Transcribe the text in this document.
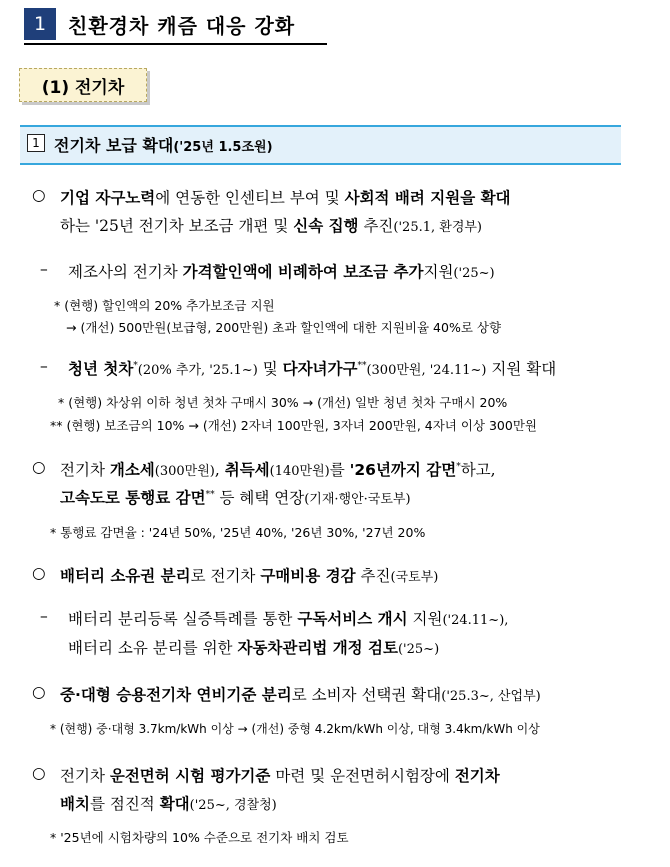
1	친환경차 캐즘 대응 강화
(1) 전기차
1 전기차 보급 확대('25년 1.5조원)
○ 기업 자구노력에 연동한 인센티브 부여 및 사회적 배려 지원을 확대
하는 '25년 전기차 보조금 개편 및 신속 집행 추진('25.1, 환경부)
– 제조사의 전기차 가격할인액에 비례하여 보조금 추가지원('25~)
* (현행) 할인액의 20% 추가보조금 지원
→ (개선) 500만원(보급형, 200만원) 초과 할인액에 대한 지원비율 40%로 상향
– 청년 첫차*(20% 추가, '25.1~) 및 다자녀가구**(300만원, '24.11~) 지원 확대
* (현행) 차상위 이하 청년 첫차 구매시 30% → (개선) 일반 청년 첫차 구매시 20%
** (현행) 보조금의 10% → (개선) 2자녀 100만원, 3자녀 200만원, 4자녀 이상 300만원
○ 전기차 개소세(300만원), 취득세(140만원)를 '26년까지 감면*하고,
고속도로 통행료 감면** 등 혜택 연장(기재·행안·국토부)
* 통행료 감면율 : '24년 50%, '25년 40%, '26년 30%, '27년 20%
○ 배터리 소유권 분리로 전기차 구매비용 경감 추진(국토부)
– 배터리 분리등록 실증특례를 통한 구독서비스 개시 지원('24.11~),
배터리 소유 분리를 위한 자동차관리법 개정 검토('25~)
○ 중·대형 승용전기차 연비기준 분리로 소비자 선택권 확대('25.3~, 산업부)
* (현행) 중·대형 3.7km/kWh 이상 → (개선) 중형 4.2km/kWh 이상, 대형 3.4km/kWh 이상
○ 전기차 운전면허 시험 평가기준 마련 및 운전면허시험장에 전기차
배치를 점진적 확대('25~, 경찰청)
* '25년에 시험차량의 10% 수준으로 전기차 배치 검토
